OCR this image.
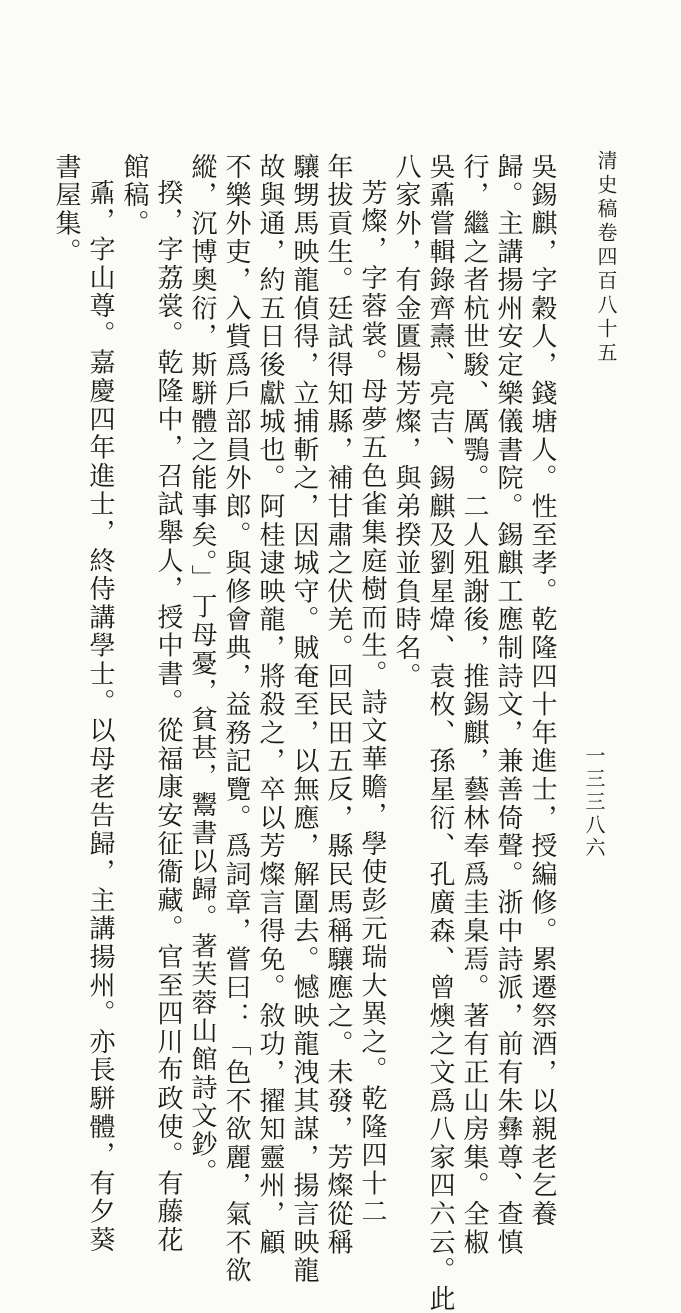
清史稿卷四百八十五
一三三八六
吳錫麒，字穀人，錢塘人。性至孝。乾隆四十年進士，授編修。累遷祭酒，以親老乞養
歸。主講揚州安定樂儀書院。錫麒工應制詩文，兼善倚聲。浙中詩派，前有朱彝尊、查慎
行，繼之者杭世駿、厲鶚。二人殂謝後，推錫麒，藝林奉爲圭臬焉。著有正山房集。全椒
吳鼒嘗輯錄齊燾、亮吉、錫麒及劉星煒、袁枚、孫星衍、孔廣森、曾燠之文爲八家四六云。此
八家外，有金匱楊芳燦，與弟揆並負時名。
芳燦，字蓉裳。母夢五色雀集庭樹而生。詩文華贍，學使彭元瑞大異之。乾隆四十二
年拔貢生。廷試得知縣，補甘肅之伏羌。回民田五反，縣民馬稱驤應之。未發，芳燦從稱
驤甥馬映龍偵得，立捕斬之，因城守。賊奄至，以無應，解圍去。憾映龍洩其謀，揚言映龍
故與通，約五日後獻城也。阿桂逮映龍，將殺之，卒以芳燦言得免。敘功，擢知靈州，顧
不樂外吏，入貲爲戶部員外郎。與修會典，益務記覽。爲詞章，嘗曰：「色不欲麗，氣不欲
縱，沉博奧衍，斯駢體之能事矣。」丁母憂，貧甚，鬻書以歸。著芙蓉山館詩文鈔。
揆，字荔裳。乾隆中，召試舉人，授中書。從福康安征衞藏。官至四川布政使。有藤花
館稿。
鼒，字山尊。嘉慶四年進士，終侍講學士。以母老告歸，主講揚州。亦長駢體，有夕葵
書屋集。
